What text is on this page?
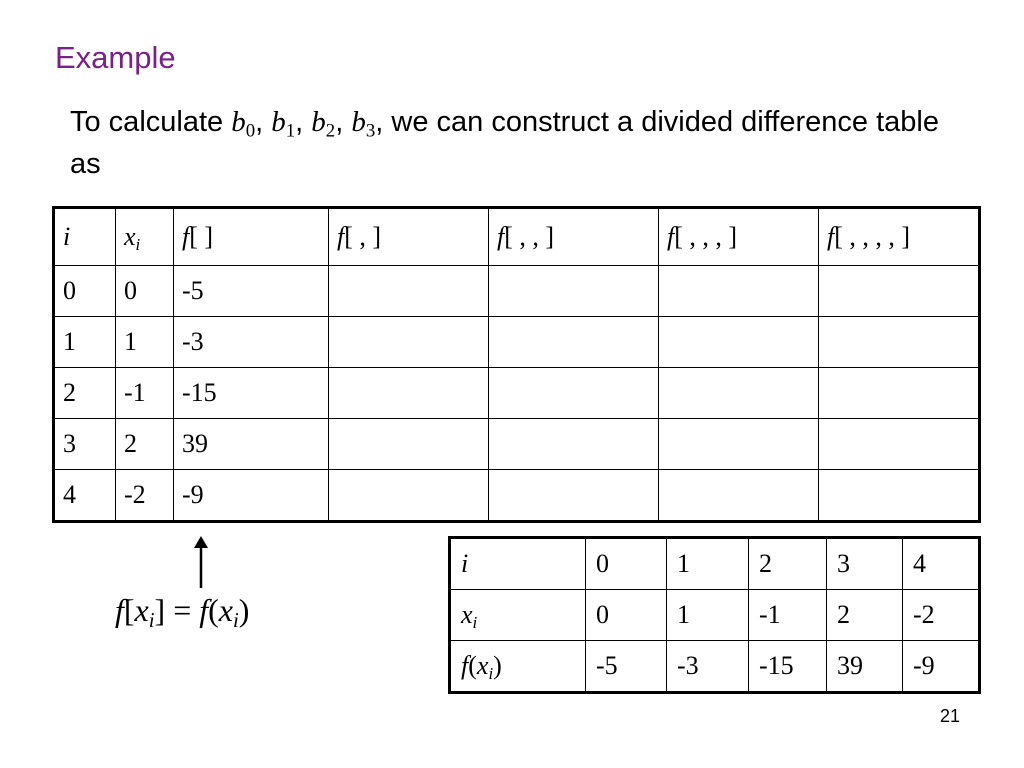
Example
To calculate $b_0$, $b_1$, $b_2$, $b_3$, we can construct a divided difference table as
i	$x_i$	f[ ]	f[ , ]	f[ , , ]	f[ , , , ]	f[ , , , , ]
0	0	-5				
1	1	-3				
2	-1	-15				
3	2	39				
4	-2	-9				
$f[x_i] = f(x_i)$
i	0	1	2	3	4
$x_i$	0	1	-1	2	-2
$f(x_i)$	-5	-3	-15	39	-9
21
